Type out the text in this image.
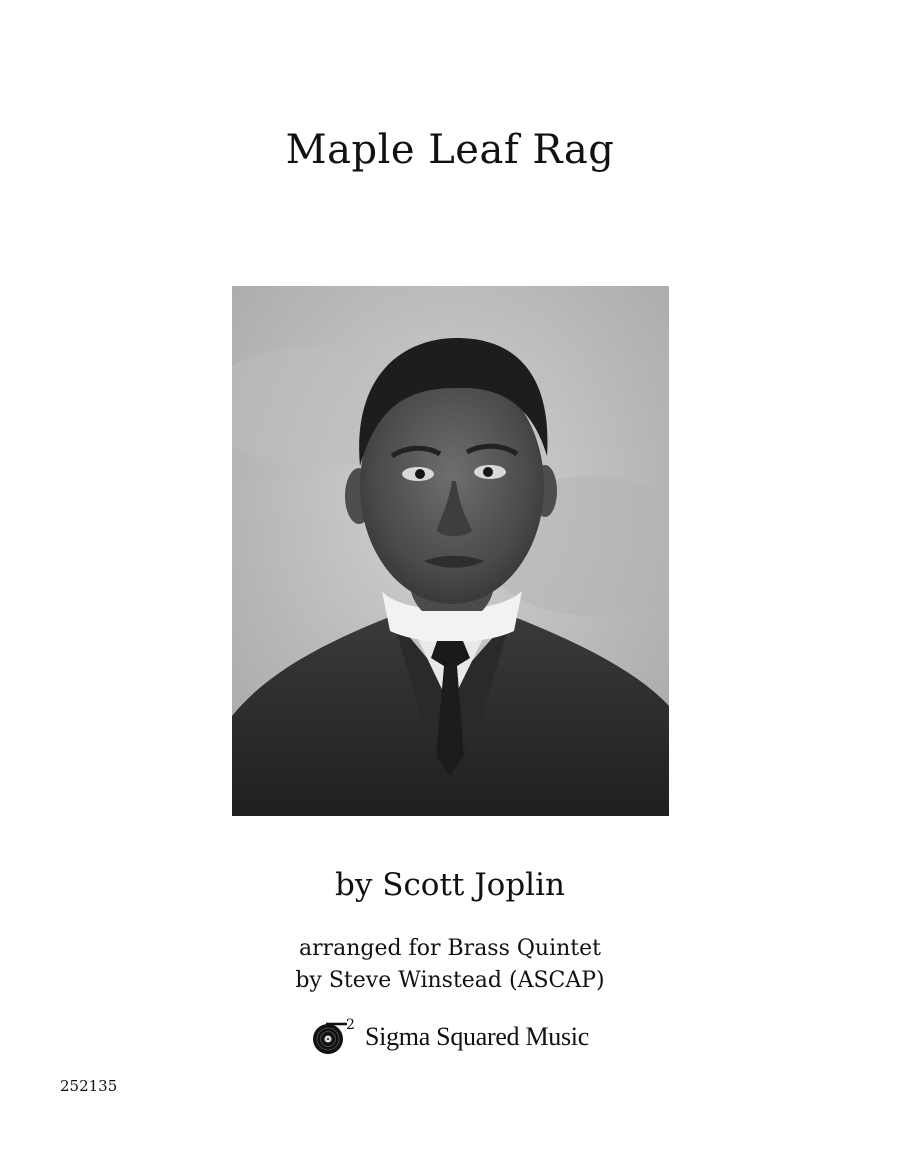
Maple Leaf Rag
by Scott Joplin
arranged for Brass Quintet
by Steve Winstead (ASCAP)
2 Sigma Squared Music
252135
